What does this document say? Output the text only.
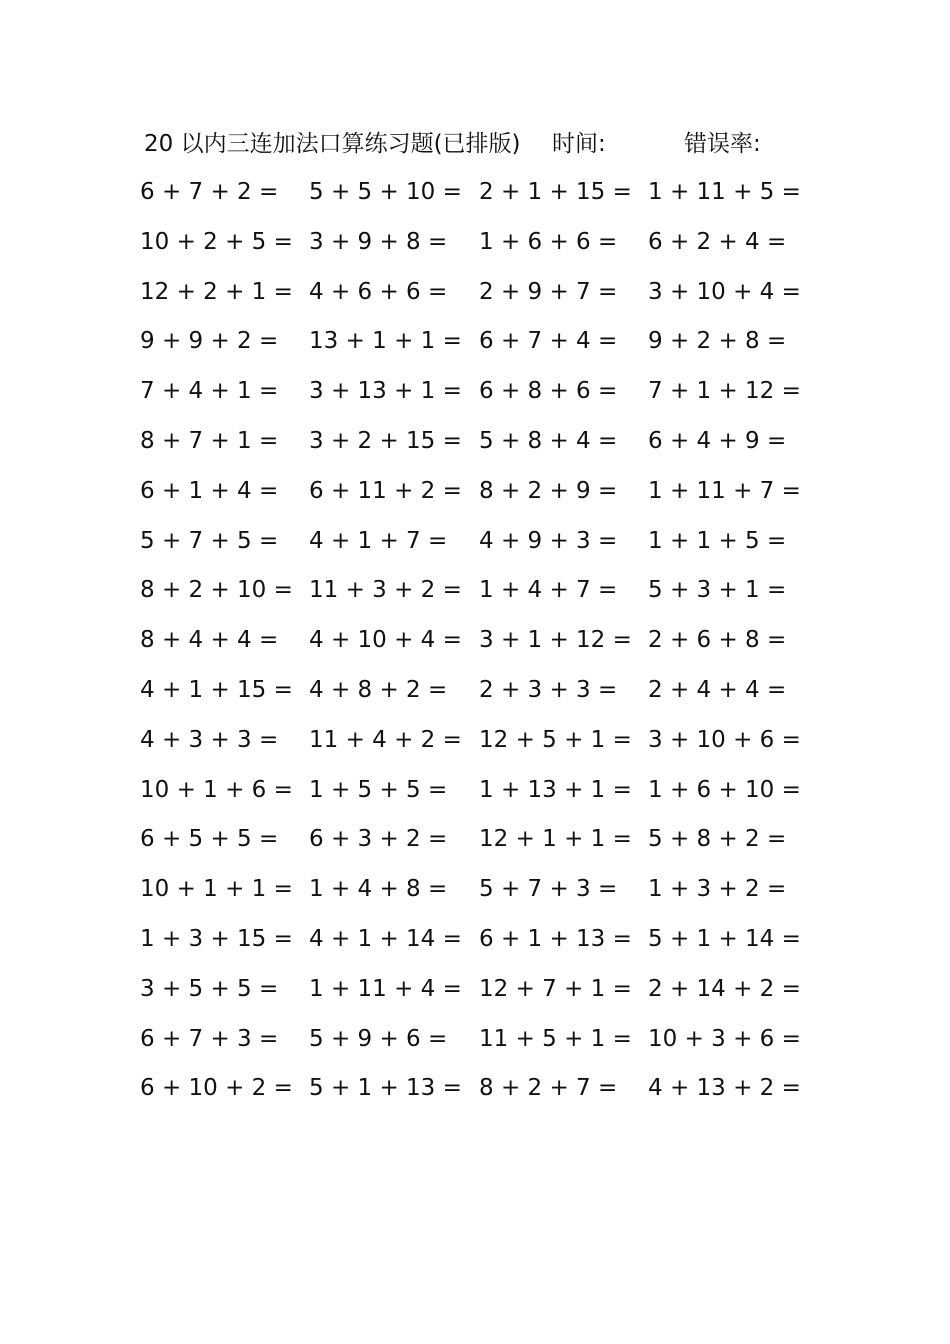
20 以内三连加法口算练习题(已排版) 时间:	错误率:
6 + 7 + 2 = 5 + 5 + 10 = 2 + 1 + 15 = 1 + 11 + 5 =
10 + 2 + 5 = 3 + 9 + 8 = 1 + 6 + 6 = 6 + 2 + 4 =
12 + 2 + 1 = 4 + 6 + 6 = 2 + 9 + 7 = 3 + 10 + 4 =
9 + 9 + 2 = 13 + 1 + 1 = 6 + 7 + 4 = 9 + 2 + 8 =
7 + 4 + 1 = 3 + 13 + 1 = 6 + 8 + 6 = 7 + 1 + 12 =
8 + 7 + 1 = 3 + 2 + 15 = 5 + 8 + 4 = 6 + 4 + 9 =
6 + 1 + 4 = 6 + 11 + 2 = 8 + 2 + 9 = 1 + 11 + 7 =
5 + 7 + 5 = 4 + 1 + 7 = 4 + 9 + 3 = 1 + 1 + 5 =
8 + 2 + 10 = 11 + 3 + 2 = 1 + 4 + 7 = 5 + 3 + 1 =
8 + 4 + 4 = 4 + 10 + 4 = 3 + 1 + 12 = 2 + 6 + 8 =
4 + 1 + 15 = 4 + 8 + 2 = 2 + 3 + 3 = 2 + 4 + 4 =
4 + 3 + 3 = 11 + 4 + 2 = 12 + 5 + 1 = 3 + 10 + 6 =
10 + 1 + 6 = 1 + 5 + 5 = 1 + 13 + 1 = 1 + 6 + 10 =
6 + 5 + 5 = 6 + 3 + 2 = 12 + 1 + 1 = 5 + 8 + 2 =
10 + 1 + 1 = 1 + 4 + 8 = 5 + 7 + 3 = 1 + 3 + 2 =
1 + 3 + 15 = 4 + 1 + 14 = 6 + 1 + 13 = 5 + 1 + 14 =
3 + 5 + 5 = 1 + 11 + 4 = 12 + 7 + 1 = 2 + 14 + 2 =
6 + 7 + 3 = 5 + 9 + 6 = 11 + 5 + 1 = 10 + 3 + 6 =
6 + 10 + 2 = 5 + 1 + 13 = 8 + 2 + 7 = 4 + 13 + 2 =
